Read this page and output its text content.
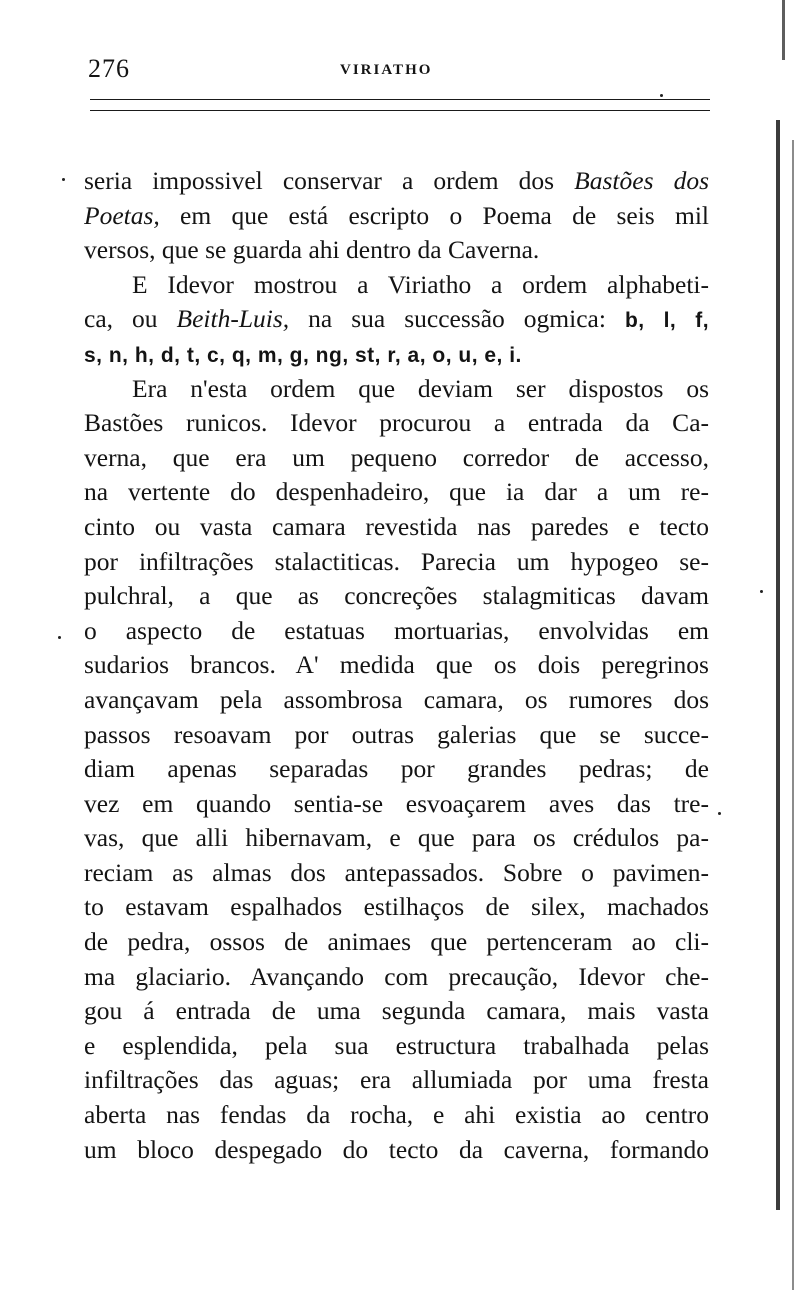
276	VIRIATHO
seria impossivel conservar a ordem dos Bastões dos
Poetas, em que está escripto o Poema de seis mil
versos, que se guarda ahi dentro da Caverna.
E Idevor mostrou a Viriatho a ordem alphabeti-
ca, ou Beith-Luis, na sua successão ogmica: b, l, f,
s, n, h, d, t, c, q, m, g, ng, st, r, a, o, u, e, i.
Era n'esta ordem que deviam ser dispostos os
Bastões runicos. Idevor procurou a entrada da Ca-
verna, que era um pequeno corredor de accesso,
na vertente do despenhadeiro, que ia dar a um re-
cinto ou vasta camara revestida nas paredes e tecto
por infiltrações stalactiticas. Parecia um hypogeo se-
pulchral, a que as concreções stalagmiticas davam
o aspecto de estatuas mortuarias, envolvidas em
sudarios brancos. A' medida que os dois peregrinos
avançavam pela assombrosa camara, os rumores dos
passos resoavam por outras galerias que se succe-
diam apenas separadas por grandes pedras; de
vez em quando sentia-se esvoaçarem aves das tre-
vas, que alli hibernavam, e que para os crédulos pa-
reciam as almas dos antepassados. Sobre o pavimen-
to estavam espalhados estilhaços de silex, machados
de pedra, ossos de animaes que pertenceram ao cli-
ma glaciario. Avançando com precaução, Idevor che-
gou á entrada de uma segunda camara, mais vasta
e esplendida, pela sua estructura trabalhada pelas
infiltrações das aguas; era allumiada por uma fresta
aberta nas fendas da rocha, e ahi existia ao centro
um bloco despegado do tecto da caverna, formando
